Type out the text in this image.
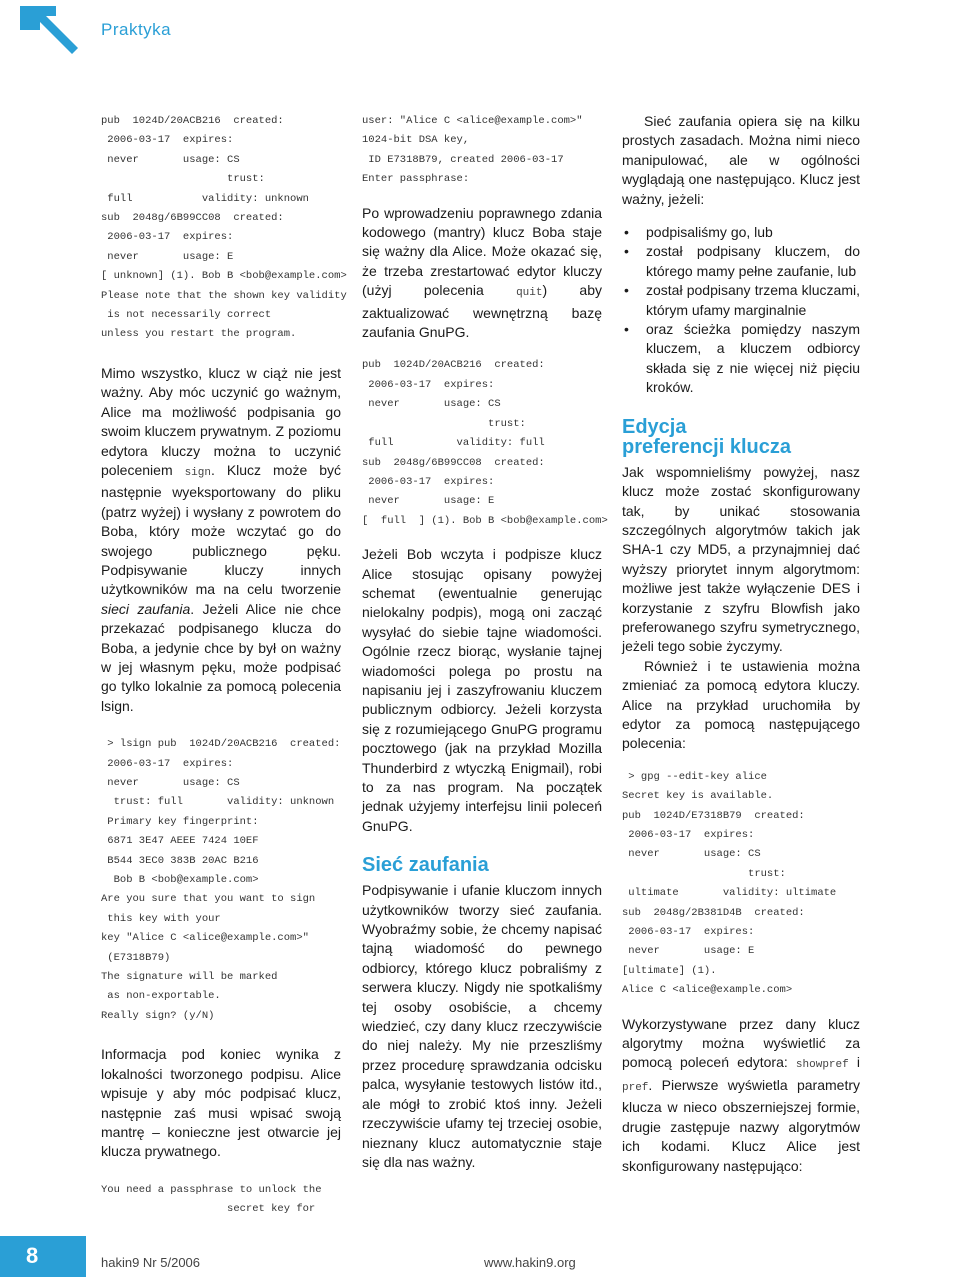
Praktyka
pub  1024D/20ACB216  created:
2006-03-17  expires:
never       usage: CS
trust:
full           validity: unknown
sub  2048g/6B99CC08  created:
2006-03-17  expires:
never       usage: E
[ unknown] (1). Bob B <bob@example.com>
Please note that the shown key validity
is not necessarily correct
unless you restart the program.

Mimo wszystko, klucz w ciąż nie jest ważny. Aby móc uczynić go ważnym, Alice ma możliwość podpisania go swoim kluczem prywatnym. Z poziomu edytora kluczy można to uczynić poleceniem sign. Klucz może być następnie wyeksportowany do pliku (patrz wyżej) i wysłany z powrotem do Boba, który może wczytać go do swojego publicznego pęku. Podpisywanie kluczy innych użytkowników ma na celu tworzenie sieci zaufania. Jeżeli Alice nie chce przekazać podpisanego klucza do Boba, a jedynie chce by był on ważny w jej własnym pęku, może podpisać go tylko lokalnie za pomocą polecenia lsign.

> lsign pub  1024D/20ACB216  created:
2006-03-17  expires:
never       usage: CS
trust: full       validity: unknown
Primary key fingerprint:
6871 3E47 AEEE 7424 10EF
B544 3EC0 383B 20AC B216
Bob B <bob@example.com>
Are you sure that you want to sign
this key with your
key "Alice C <alice@example.com>"
(E7318B79)
The signature will be marked
as non-exportable.
Really sign? (y/N)

Informacja pod koniec wynika z lokalności tworzonego podpisu. Alice wpisuje y aby móc podpisać klucz, następnie zaś musi wpisać swoją mantrę – konieczne jest otwarcie jej klucza prywatnego.

You need a passphrase to unlock the
secret key for
user: "Alice C <alice@example.com>"
1024-bit DSA key,
ID E7318B79, created 2006-03-17
Enter passphrase:

Po wprowadzeniu poprawnego zdania kodowego (mantry) klucz Boba staje się ważny dla Alice. Może okazać się, że trzeba zrestartować edytor kluczy (użyj polecenia quit) aby zaktualizować wewnętrzną bazę zaufania GnuPG.

pub  1024D/20ACB216  created:
2006-03-17  expires:
never       usage: CS
trust:
full          validity: full
sub  2048g/6B99CC08  created:
2006-03-17  expires:
never       usage: E
[  full  ] (1). Bob B <bob@example.com>

Jeżeli Bob wczyta i podpisze klucz Alice stosując opisany powyżej schemat (ewentualnie generując nielokalny podpis), mogą oni zacząć wysyłać do siebie tajne wiadomości. Ogólnie rzecz biorąc, wysłanie tajnej wiadomości polega po prostu na napisaniu jej i zaszyfrowaniu kluczem publicznym odbiorcy. Jeżeli korzysta się z rozumiejącego GnuPG programu pocztowego (jak na przykład Mozilla Thunderbird z wtyczką Enigmail), robi to za nas program. Na początek jednak użyjemy interfejsu linii poleceń GnuPG.

Sieć zaufania

Podpisywanie i ufanie kluczom innych użytkowników tworzy sieć zaufania. Wyobraźmy sobie, że chcemy napisać tajną wiadomość do pewnego odbiorcy, którego klucz pobraliśmy z serwera kluczy. Nigdy nie spotkaliśmy tej osoby osobiście, a chcemy wiedzieć, czy dany klucz rzeczywiście do niej należy. My nie przeszliśmy przez procedurę sprawdzania odcisku palca, wysyłanie testowych listów itd., ale mógł to zrobić ktoś inny. Jeżeli rzeczywiście ufamy tej trzeciej osobie, nieznany klucz automatycznie staje się dla nas ważny.

Sieć zaufania opiera się na kilku prostych zasadach. Można nimi nieco manipulować, ale w ogólności wyglądają one następująco. Klucz jest ważny, jeżeli:

• podpisaliśmy go, lub
• został podpisany kluczem, do którego mamy pełne zaufanie, lub
• został podpisany trzema kluczami, którym ufamy marginalnie
• oraz ścieżka pomiędzy naszym kluczem, a kluczem odbiorcy składa się z nie więcej niż pięciu kroków.
Edycja
preferencji klucza

Jak wspomnieliśmy powyżej, nasz klucz może zostać skonfigurowany tak, by unikać stosowania szczególnych algorytmów takich jak SHA-1 czy MD5, a przynajmniej dać wyższy priorytet innym algorytmom: możliwe jest także wyłączenie DES i korzystanie z szyfru Blowfish jako preferowanego szyfru symetrycznego, jeżeli tego sobie życzymy.

Również i te ustawienia można zmieniać za pomocą edytora kluczy. Alice na przykład uruchomiła by edytor za pomocą następującego polecenia:

> gpg --edit-key alice
Secret key is available.
pub  1024D/E7318B79  created:
2006-03-17  expires:
never       usage: CS
trust:
ultimate       validity: ultimate
sub  2048g/2B381D4B  created:
2006-03-17  expires:
never       usage: E
[ultimate] (1).
Alice C <alice@example.com>

Wykorzystywane przez dany klucz algorytmy można wyświetlić za pomocą poleceń edytora: showpref i pref. Pierwsze wyświetla parametry klucza w nieco obszerniejszej formie, drugie zastępuje nazwy algorytmów ich kodami. Klucz Alice jest skonfigurowany następująco:

8	hakin9 Nr 5/2006	www.hakin9.org
